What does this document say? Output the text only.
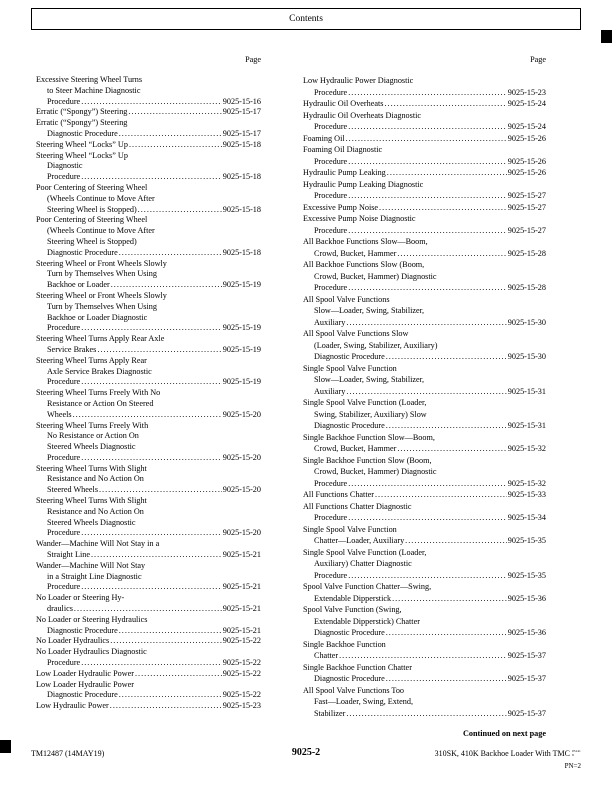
Contents
Page
Excessive Steering Wheel Turns
to Steer Machine Diagnostic
Procedure .....	9025-15-16
Erratic (“Spongy”) Steering .....	9025-15-17
Erratic (“Spongy”) Steering
Diagnostic Procedure .....	9025-15-17
Steering Wheel “Locks” Up .....	9025-15-18
Steering Wheel “Locks” Up
Diagnostic
Procedure .....	9025-15-18
Poor Centering of Steering Wheel
(Wheels Continue to Move After
Steering Wheel is Stopped) .....	9025-15-18
Poor Centering of Steering Wheel
(Wheels Continue to Move After
Steering Wheel is Stopped)
Diagnostic Procedure .....	9025-15-18
Steering Wheel or Front Wheels Slowly
Turn by Themselves When Using
Backhoe or Loader .....	9025-15-19
Steering Wheel or Front Wheels Slowly
Turn by Themselves When Using
Backhoe or Loader Diagnostic
Procedure .....	9025-15-19
Steering Wheel Turns Apply Rear Axle
Service Brakes .....	9025-15-19
Steering Wheel Turns Apply Rear
Axle Service Brakes Diagnostic
Procedure .....	9025-15-19
Steering Wheel Turns Freely With No
Resistance or Action On Steered
Wheels .....	9025-15-20
Steering Wheel Turns Freely With
No Resistance or Action On
Steered Wheels Diagnostic
Procedure .....	9025-15-20
Steering Wheel Turns With Slight
Resistance and No Action On
Steered Wheels .....	9025-15-20
Steering Wheel Turns With Slight
Resistance and No Action On
Steered Wheels Diagnostic
Procedure .....	9025-15-20
Wander—Machine Will Not Stay in a
Straight Line .....	9025-15-21
Wander—Machine Will Not Stay
in a Straight Line Diagnostic
Procedure .....	9025-15-21
No Loader or Steering Hy-
draulics .....	9025-15-21
No Loader or Steering Hydraulics
Diagnostic Procedure .....	9025-15-21
No Loader Hydraulics .....	9025-15-22
No Loader Hydraulics Diagnostic
Procedure .....	9025-15-22
Low Loader Hydraulic Power .....	9025-15-22
Low Loader Hydraulic Power
Diagnostic Procedure .....	9025-15-22
Low Hydraulic Power .....	9025-15-23
Page
Low Hydraulic Power Diagnostic
Procedure .....	9025-15-23
Hydraulic Oil Overheats .....	9025-15-24
Hydraulic Oil Overheats Diagnostic
Procedure .....	9025-15-24
Foaming Oil .....	9025-15-26
Foaming Oil Diagnostic
Procedure .....	9025-15-26
Hydraulic Pump Leaking .....	9025-15-26
Hydraulic Pump Leaking Diagnostic
Procedure .....	9025-15-27
Excessive Pump Noise .....	9025-15-27
Excessive Pump Noise Diagnostic
Procedure .....	9025-15-27
All Backhoe Functions Slow—Boom,
Crowd, Bucket, Hammer .....	9025-15-28
All Backhoe Functions Slow (Boom,
Crowd, Bucket, Hammer) Diagnostic
Procedure .....	9025-15-28
All Spool Valve Functions
Slow—Loader, Swing, Stabilizer,
Auxiliary .....	9025-15-30
All Spool Valve Functions Slow
(Loader, Swing, Stabilizer, Auxiliary)
Diagnostic Procedure .....	9025-15-30
Single Spool Valve Function
Slow—Loader, Swing, Stabilizer,
Auxiliary .....	9025-15-31
Single Spool Valve Function (Loader,
Swing, Stabilizer, Auxiliary) Slow
Diagnostic Procedure .....	9025-15-31
Single Backhoe Function Slow—Boom,
Crowd, Bucket, Hammer .....	9025-15-32
Single Backhoe Function Slow (Boom,
Crowd, Bucket, Hammer) Diagnostic
Procedure .....	9025-15-32
All Functions Chatter .....	9025-15-33
All Functions Chatter Diagnostic
Procedure .....	9025-15-34
Single Spool Valve Function
Chatter—Loader, Auxiliary .....	9025-15-35
Single Spool Valve Function (Loader,
Auxiliary) Chatter Diagnostic
Procedure .....	9025-15-35
Spool Valve Function Chatter—Swing,
Extendable Dipperstick .....	9025-15-36
Spool Valve Function (Swing,
Extendable Dipperstick) Chatter
Diagnostic Procedure .....	9025-15-36
Single Backhoe Function
Chatter .....	9025-15-37
Single Backhoe Function Chatter
Diagnostic Procedure .....	9025-15-37
All Spool Valve Functions Too
Fast—Loader, Swing, Extend,
Stabilizer .....	9025-15-37
Continued on next page
TM12487 (14MAY19)	9025-2	310SK, 410K Backhoe Loader With TMC 051419
PN=2
